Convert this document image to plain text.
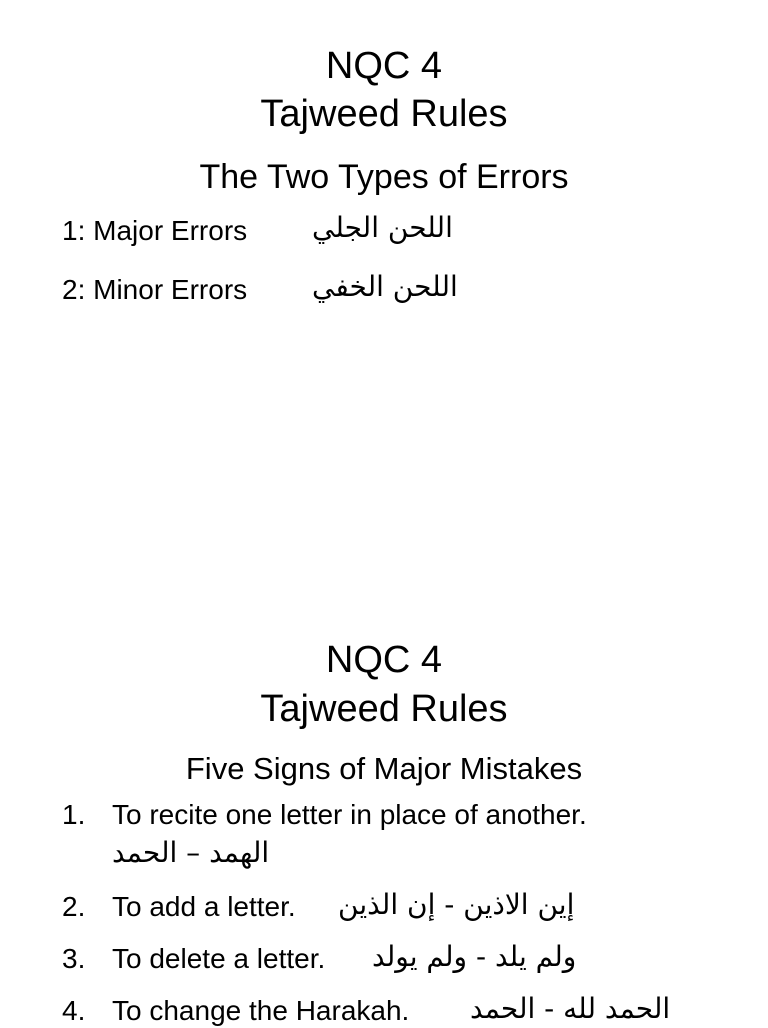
NQC 4
Tajweed Rules
The Two Types of Errors
1: Major Errors اللحن الجلي
2: Minor Errors اللحن الخفي
NQC 4
Tajweed Rules
Five Signs of Major Mistakes
1. To recite one letter in place of another.
الهمد – الحمد
2. To add a letter. إين الاذين - إن الذين
3. To delete a letter. ولم يلد - ولم يولد
4. To change the Harakah. الحمد لله - الحمد
